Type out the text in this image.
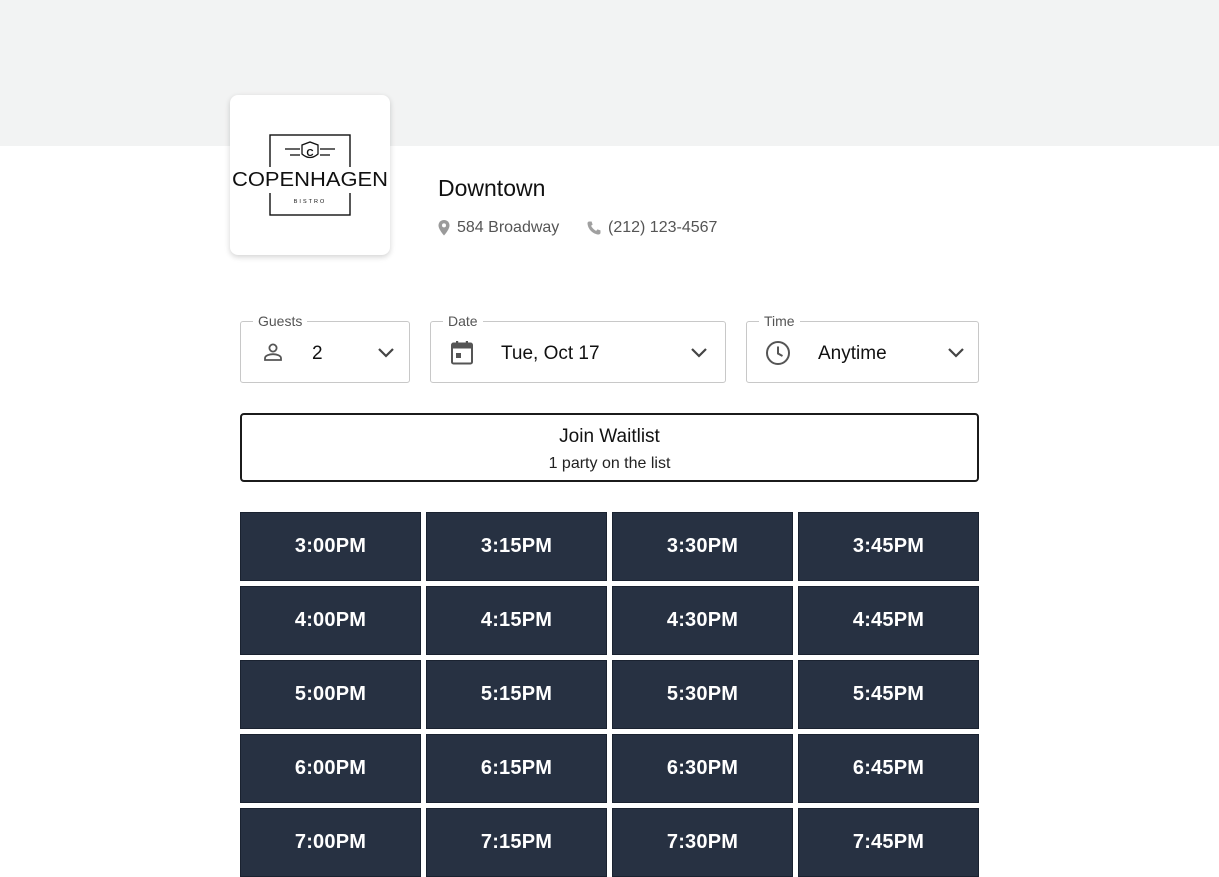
C
COPENHAGEN
BISTRO
Downtown
584 Broadway	(212) 123-4567
Guests
2
Date
Tue, Oct 17
Time
Anytime
Join Waitlist
1 party on the list
3:00PM	3:15PM	3:30PM	3:45PM
4:00PM	4:15PM	4:30PM	4:45PM
5:00PM	5:15PM	5:30PM	5:45PM
6:00PM	6:15PM	6:30PM	6:45PM
7:00PM	7:15PM	7:30PM	7:45PM
